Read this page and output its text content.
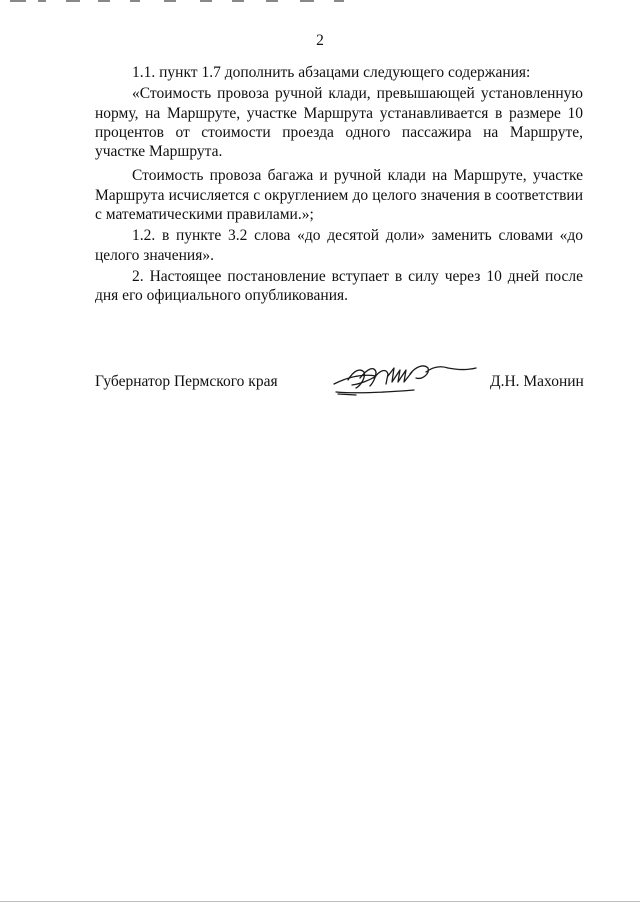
2

1.1. пункт 1.7 дополнить абзацами следующего содержания:

«Стоимость провоза ручной клади, превышающей установленную норму, на Маршруте, участке Маршрута устанавливается в размере 10 процентов от стоимости проезда одного пассажира на Маршруте, участке Маршрута.

Стоимость провоза багажа и ручной клади на Маршруте, участке Маршрута исчисляется с округлением до целого значения в соответствии с математическими правилами.»;

1.2. в пункте 3.2 слова «до десятой доли» заменить словами «до целого значения».

2. Настоящее постановление вступает в силу через 10 дней после дня его официального опубликования.

Губернатор Пермского края	Д.Н. Махонин
